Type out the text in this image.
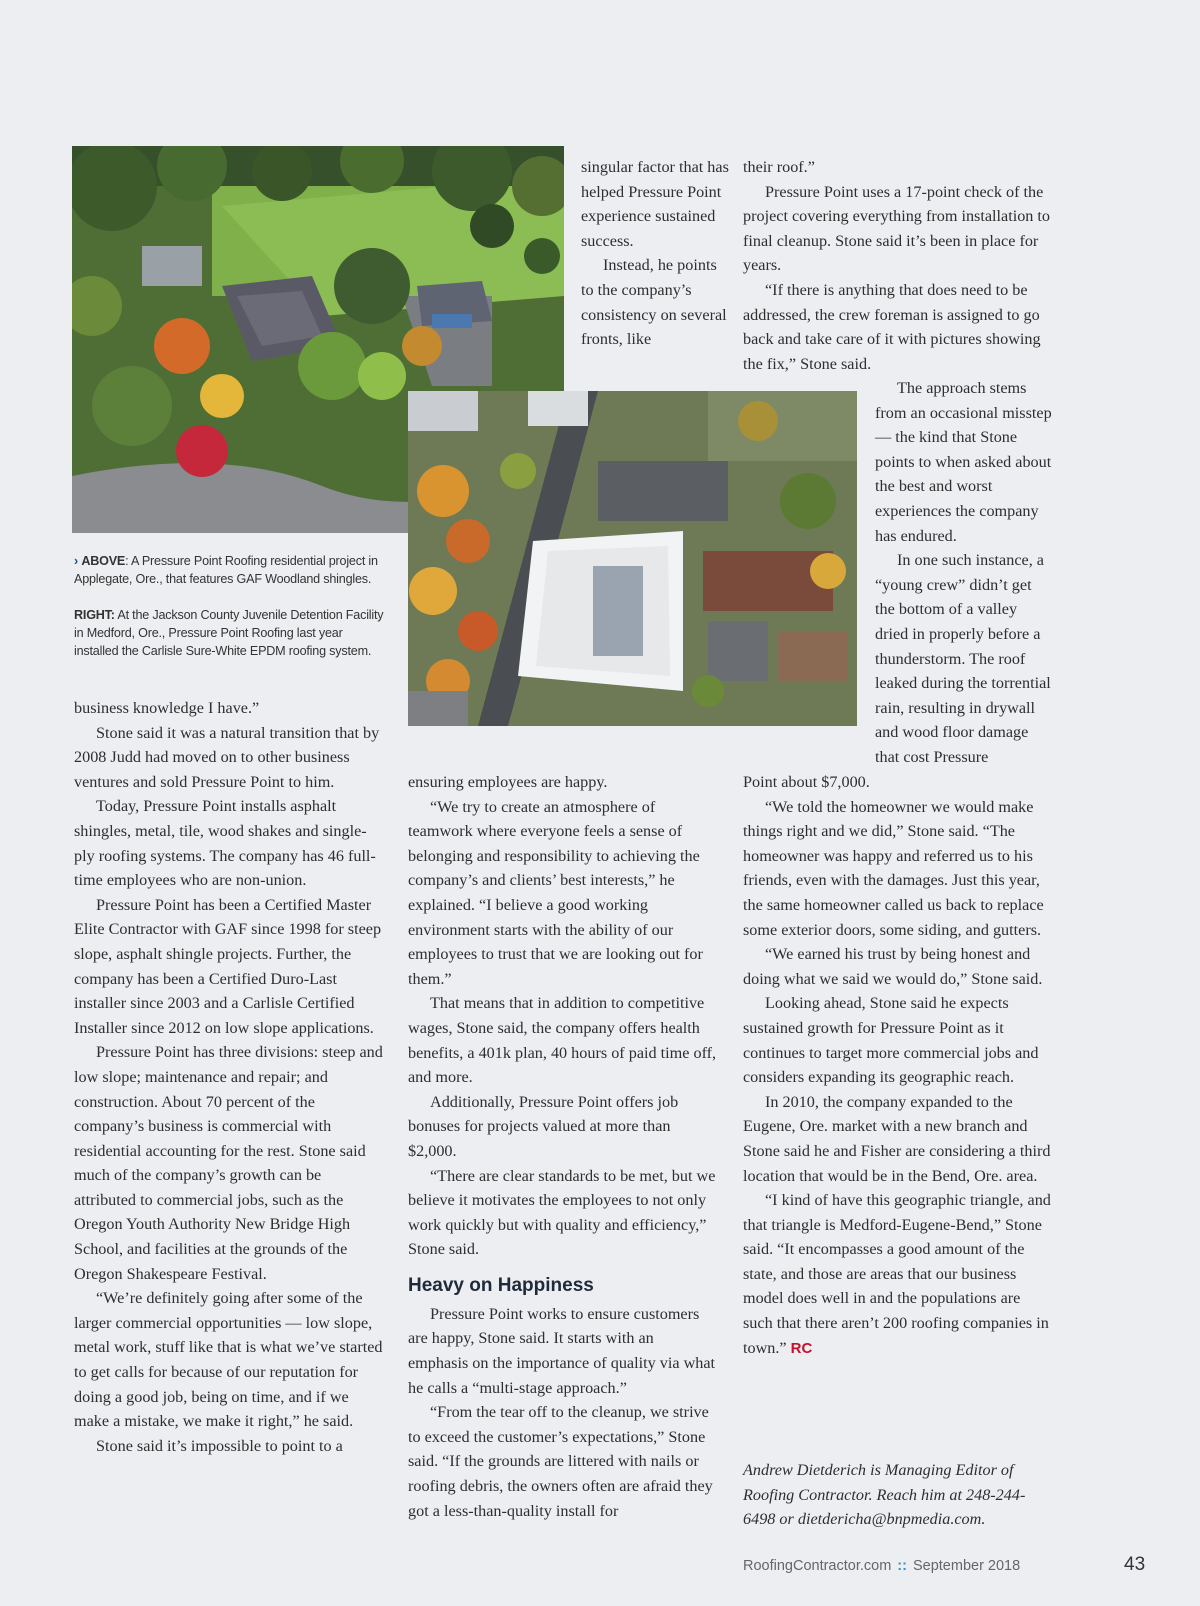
› ABOVE: A Pressure Point Roofing residential project in Applegate, Ore., that features GAF Woodland shingles.

RIGHT: At the Jackson County Juvenile Detention Facility in Medford, Ore., Pressure Point Roofing last year installed the Carlisle Sure-White EPDM roofing system.

singular factor that has helped Pressure Point experience sustained success.

Instead, he points to the company’s consistency on several fronts, like

their roof.”

Pressure Point uses a 17-point check of the project covering everything from installation to final cleanup. Stone said it’s been in place for years.

“If there is anything that does need to be addressed, the crew foreman is assigned to go back and take care of it with pictures showing the fix,” Stone said.

The approach stems from an occasional misstep — the kind that Stone points to when asked about the best and worst experiences the company has endured.

In one such instance, a “young crew” didn’t get the bottom of a valley dried in properly before a thunderstorm. The roof leaked during the torrential rain, resulting in drywall and wood floor damage that cost Pressure

business knowledge I have.”

Stone said it was a natural transition that by 2008 Judd had moved on to other business ventures and sold Pressure Point to him.

Today, Pressure Point installs asphalt shingles, metal, tile, wood shakes and single-ply roofing systems. The company has 46 full-time employees who are non-union.

Pressure Point has been a Certified Master Elite Contractor with GAF since 1998 for steep slope, asphalt shingle projects. Further, the company has been a Certified Duro-Last installer since 2003 and a Carlisle Certified Installer since 2012 on low slope applications.

Pressure Point has three divisions: steep and low slope; maintenance and repair; and construction. About 70 percent of the company’s business is commercial with residential accounting for the rest. Stone said much of the company’s growth can be attributed to commercial jobs, such as the Oregon Youth Authority New Bridge High School, and facilities at the grounds of the Oregon Shakespeare Festival.

“We’re definitely going after some of the larger commercial opportunities — low slope, metal work, stuff like that is what we’ve started to get calls for because of our reputation for doing a good job, being on time, and if we make a mistake, we make it right,” he said.

Stone said it’s impossible to point to a

ensuring employees are happy.

“We try to create an atmosphere of teamwork where everyone feels a sense of belonging and responsibility to achieving the company’s and clients’ best interests,” he explained. “I believe a good working environment starts with the ability of our employees to trust that we are looking out for them.”

That means that in addition to competitive wages, Stone said, the company offers health benefits, a 401k plan, 40 hours of paid time off, and more.

Additionally, Pressure Point offers job bonuses for projects valued at more than $2,000.

“There are clear standards to be met, but we believe it motivates the employees to not only work quickly but with quality and efficiency,” Stone said.

Heavy on Happiness

Pressure Point works to ensure customers are happy, Stone said. It starts with an emphasis on the importance of quality via what he calls a “multi-stage approach.”

“From the tear off to the cleanup, we strive to exceed the customer’s expectations,” Stone said. “If the grounds are littered with nails or roofing debris, the owners often are afraid they got a less-than-quality install for

Point about $7,000.

“We told the homeowner we would make things right and we did,” Stone said. “The homeowner was happy and referred us to his friends, even with the damages. Just this year, the same homeowner called us back to replace some exterior doors, some siding, and gutters.

“We earned his trust by being honest and doing what we said we would do,” Stone said.

Looking ahead, Stone said he expects sustained growth for Pressure Point as it continues to target more commercial jobs and considers expanding its geographic reach.

In 2010, the company expanded to the Eugene, Ore. market with a new branch and Stone said he and Fisher are considering a third location that would be in the Bend, Ore. area.

“I kind of have this geographic triangle, and that triangle is Medford-Eugene-Bend,” Stone said. “It encompasses a good amount of the state, and those are areas that our business model does well in and the populations are such that there aren’t 200 roofing companies in town.” RC

Andrew Dietderich is Managing Editor of Roofing Contractor. Reach him at 248-244-6498 or dietdericha@bnpmedia.com.
RoofingContractor.com :: September 2018	43
